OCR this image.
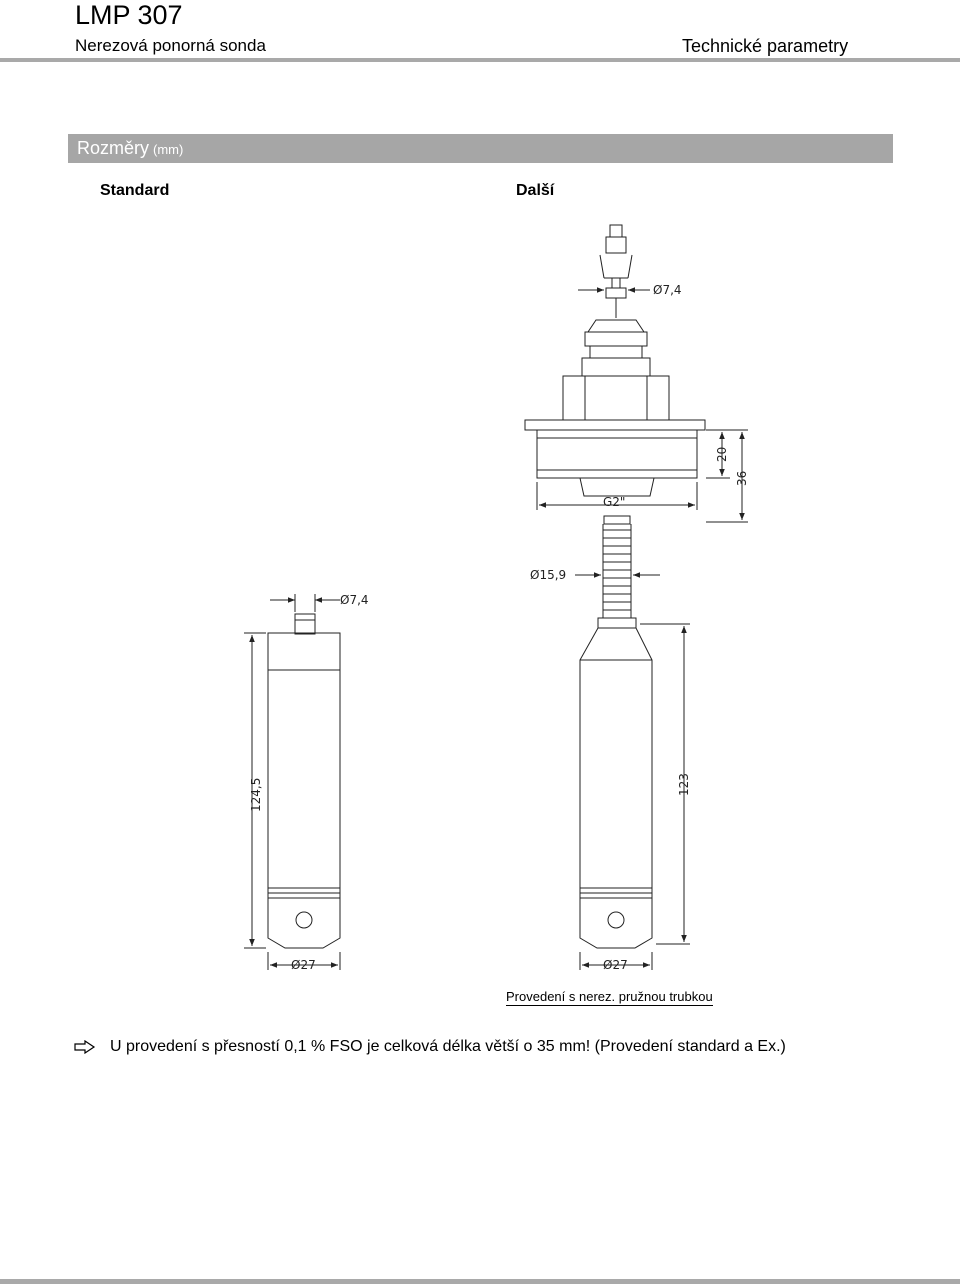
LMP 307
Nerezová ponorná sonda	Technické parametry
Rozměry (mm)
Standard	Další
Ø7,4
124,5
Ø27
Ø7,4
G2"
20
36
Ø15,9
123
Ø27
Provedení s nerez. pružnou trubkou
U provedení s přesností 0,1 % FSO je celková délka větší o 35 mm! (Provedení standard a Ex.)
